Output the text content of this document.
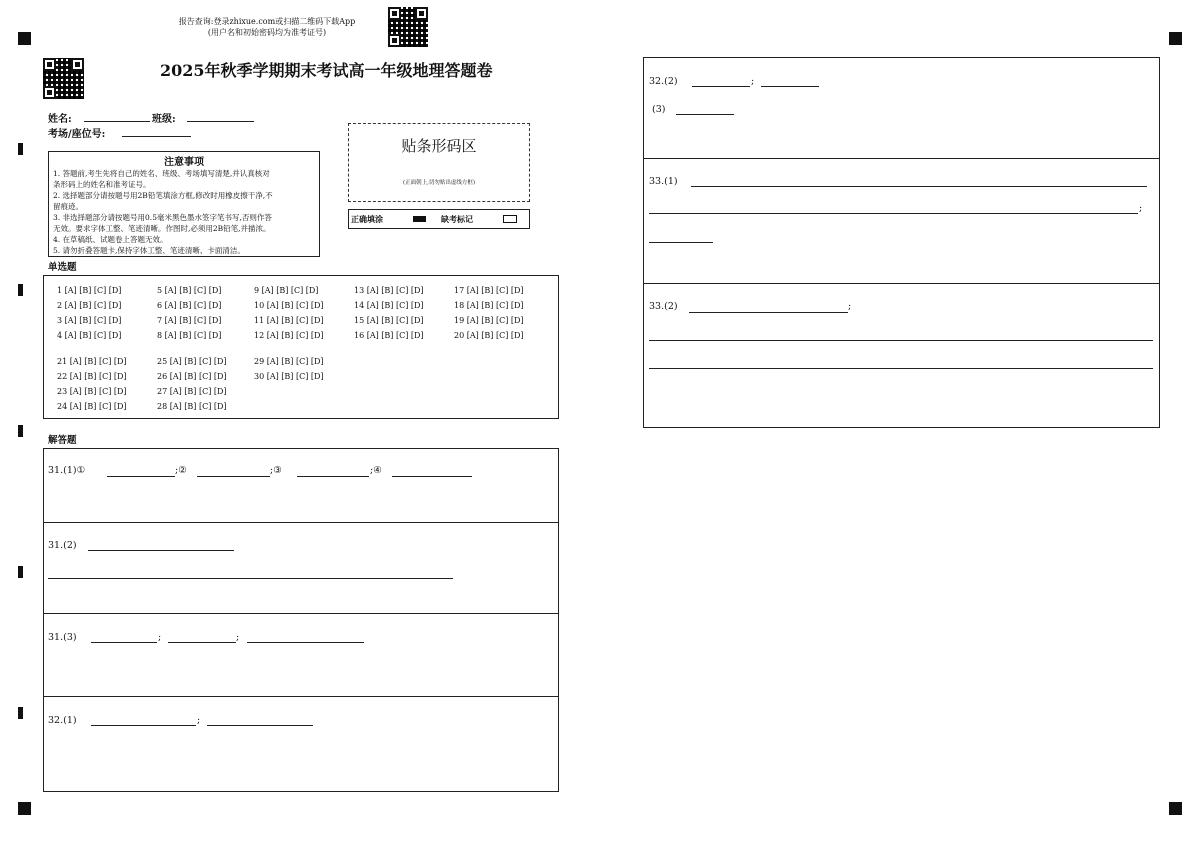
报告查询:登录zhixue.com或扫描二维码下载App
(用户名和初始密码均为准考证号)
2025年秋季学期期末考试高一年级地理答题卷
姓名:	班级:
考场/座位号:
注意事项
1. 答题前,考生先将自己的姓名、班级、考场填写清楚,并认真核对
条形码上的姓名和准考证号。
2. 选择题部分请按题号用2B铅笔填涂方框,修改时用橡皮擦干净,不
留痕迹。
3. 非选择题部分请按题号用0.5毫米黑色墨水签字笔书写,否则作答
无效。要求字体工整、笔迹清晰。作图时,必须用2B铅笔,并描浓。
4. 在草稿纸、试题卷上答题无效。
5. 请勿折叠答题卡,保持字体工整、笔迹清晰、卡面清洁。
贴条形码区
(正面朝上,切勿贴出虚线方框)
正确填涂	缺考标记
单选题
1 [A] [B] [C] [D]
2 [A] [B] [C] [D]
3 [A] [B] [C] [D]
4 [A] [B] [C] [D]
5 [A] [B] [C] [D]
6 [A] [B] [C] [D]
7 [A] [B] [C] [D]
8 [A] [B] [C] [D]
9 [A] [B] [C] [D]
10 [A] [B] [C] [D]
11 [A] [B] [C] [D]
12 [A] [B] [C] [D]
13 [A] [B] [C] [D]
14 [A] [B] [C] [D]
15 [A] [B] [C] [D]
16 [A] [B] [C] [D]
17 [A] [B] [C] [D]
18 [A] [B] [C] [D]
19 [A] [B] [C] [D]
20 [A] [B] [C] [D]
21 [A] [B] [C] [D]
22 [A] [B] [C] [D]
23 [A] [B] [C] [D]
24 [A] [B] [C] [D]
25 [A] [B] [C] [D]
26 [A] [B] [C] [D]
27 [A] [B] [C] [D]
28 [A] [B] [C] [D]
29 [A] [B] [C] [D]
30 [A] [B] [C] [D]
解答题
31.(1)①	;②	;③	;④
31.(2)
31.(3)	;	;
32.(1)	;
32.(2)	;
(3)
33.(1)
;
33.(2)	;
